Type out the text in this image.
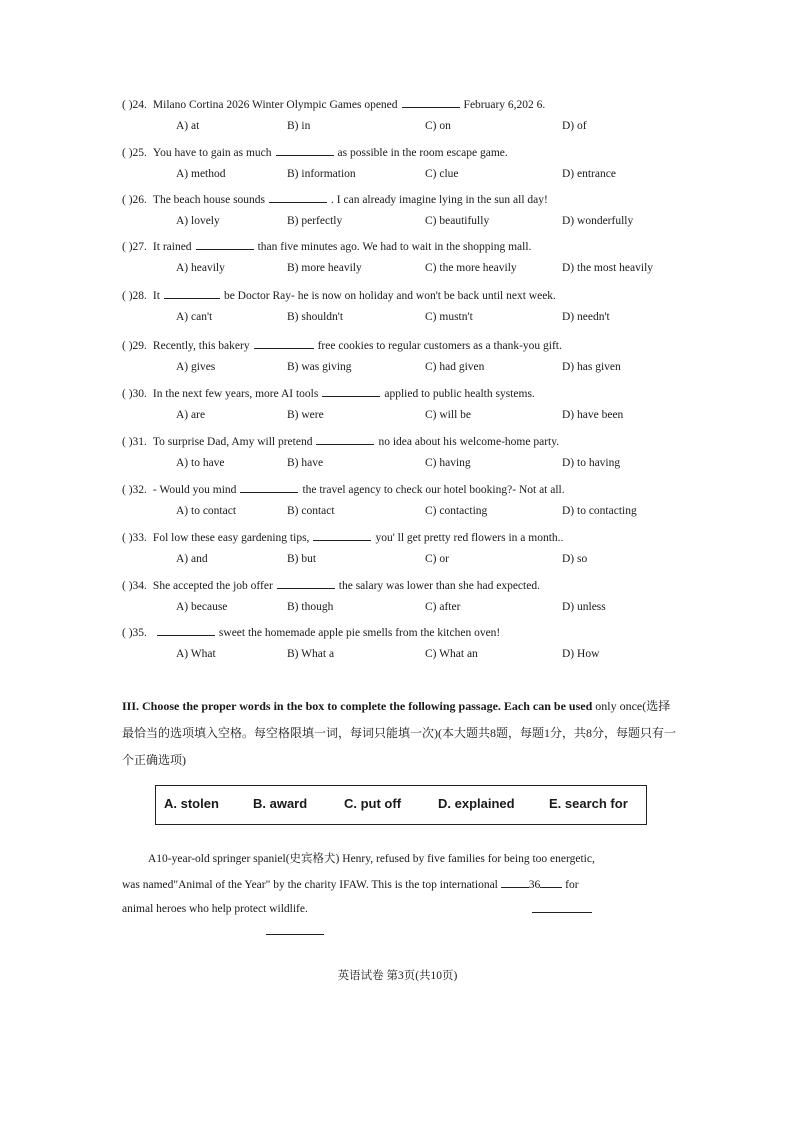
( )24. Milano Cortina 2026 Winter Olympic Games opened	February 6,202 6.
A) at	B) in	C) on	D) of
( )25. You have to gain as much	as possible in the room escape game.
A) method	B) information	C) clue	D) entrance
( )26. The beach house sounds	. I can already imagine lying in the sun all day!
A) lovely	B) perfectly	C) beautifully	D) wonderfully
( )27. It rained	than five minutes ago. We had to wait in the shopping mall.
A) heavily	B) more heavily	C) the more heavily	D) the most heavily
( )28. It	be Doctor Ray- he is now on holiday and won't be back until next week.
A) can't	B) shouldn't	C) mustn't	D) needn't
( )29. Recently, this bakery	free cookies to regular customers as a thank-you gift.
A) gives	B) was giving	C) had given	D) has given
( )30. In the next few years, more AI tools	applied to public health systems.
A) are	B) were	C) will be	D) have been
( )31. To surprise Dad, Amy will pretend	no idea about his welcome-home party.
A) to have	B) have	C) having	D) to having
( )32. - Would you mind	the travel agency to check our hotel booking?- Not at all.
A) to contact	B) contact	C) contacting	D) to contacting
( )33. Fol low these easy gardening tips,	you' ll get pretty red flowers in a month..
A) and	B) but	C) or	D) so
( )34. She accepted the job offer	the salary was lower than she had expected.
A) because	B) though	C) after	D) unless
( )35.	sweet the homemade apple pie smells from the kitchen oven!
A) What	B) What a	C) What an	D) How
III. Choose the proper words in the box to complete the following passage. Each can be used only once(选择最恰当的选项填入空格。每空格限填一词，每词只能填一次)(本大题共8题，每题1分，共8分，每题只有一个正确选项)
A. stolen	B. award	C. put off	D. explained	E. search for
A10-year-old springer spaniel(史宾格犬) Henry, refused by five families for being too energetic,
was named"Animal of the Year" by the charity IFAW. This is the top international	36 for
animal heroes who help protect wildlife.
英语试卷 第3页(共10页)
